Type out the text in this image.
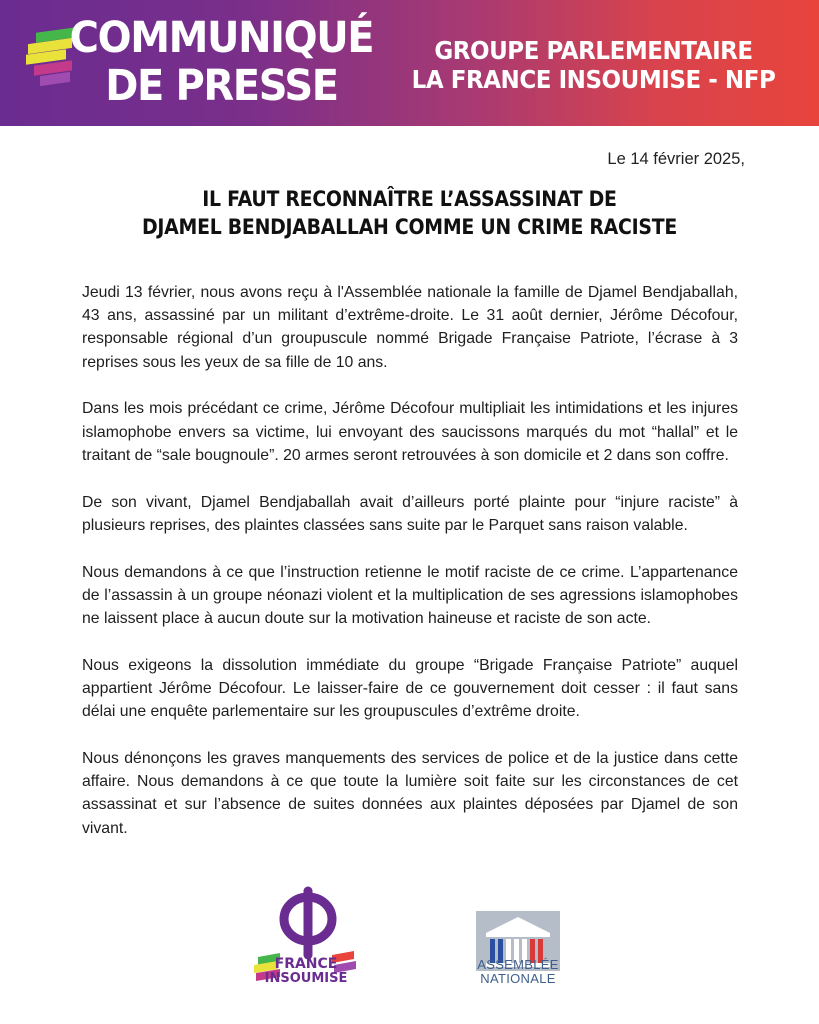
COMMUNIQUÉ
DE PRESSE
GROUPE PARLEMENTAIRE
LA FRANCE INSOUMISE - NFP
Le 14 février 2025,
IL FAUT RECONNAÎTRE L’ASSASSINAT DE
DJAMEL BENDJABALLAH COMME UN CRIME RACISTE

Jeudi 13 février, nous avons reçu à l'Assemblée nationale la famille de Djamel Bendjaballah, 43 ans, assassiné par un militant d’extrême-droite. Le 31 août dernier, Jérôme Décofour, responsable régional d’un groupuscule nommé Brigade Française Patriote, l’écrase à 3 reprises sous les yeux de sa fille de 10 ans.

Dans les mois précédant ce crime, Jérôme Décofour multipliait les intimidations et les injures islamophobe envers sa victime, lui envoyant des saucissons marqués du mot “hallal” et le traitant de “sale bougnoule”. 20 armes seront retrouvées à son domicile et 2 dans son coffre.

De son vivant, Djamel Bendjaballah avait d’ailleurs porté plainte pour “injure raciste” à plusieurs reprises, des plaintes classées sans suite par le Parquet sans raison valable.

Nous demandons à ce que l’instruction retienne le motif raciste de ce crime. L’appartenance de l’assassin à un groupe néonazi violent et la multiplication de ses agressions islamophobes ne laissent place à aucun doute sur la motivation haineuse et raciste de son acte.

Nous exigeons la dissolution immédiate du groupe “Brigade Française Patriote” auquel appartient Jérôme Décofour. Le laisser-faire de ce gouvernement doit cesser : il faut sans délai une enquête parlementaire sur les groupuscules d’extrême droite.

Nous dénonçons les graves manquements des services de police et de la justice dans cette affaire. Nous demandons à ce que toute la lumière soit faite sur les circonstances de cet assassinat et sur l’absence de suites données aux plaintes déposées par Djamel de son vivant.

FRANCE
INSOUMISE
ASSEMBLÉE
NATIONALE
